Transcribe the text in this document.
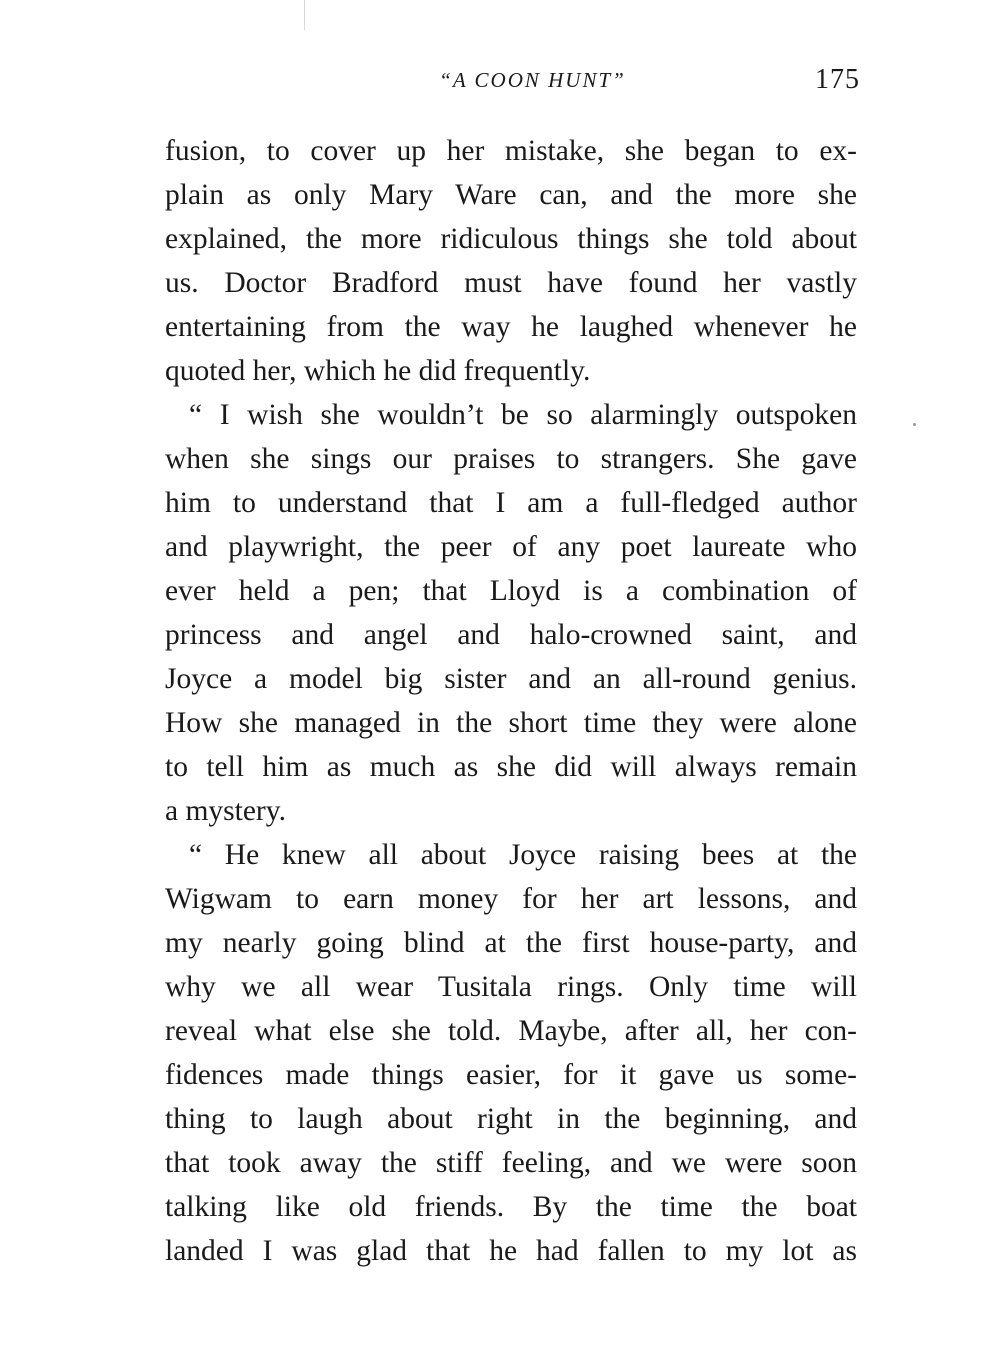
“A COON HUNT”	175
fusion, to cover up her mistake, she began to ex-
plain as only Mary Ware can, and the more she
explained, the more ridiculous things she told about
us. Doctor Bradford must have found her vastly
entertaining from the way he laughed whenever he
quoted her, which he did frequently.
“ I wish she wouldn’t be so alarmingly outspoken
when she sings our praises to strangers. She gave
him to understand that I am a full-fledged author
and playwright, the peer of any poet laureate who
ever held a pen; that Lloyd is a combination of
princess and angel and halo-crowned saint, and
Joyce a model big sister and an all-round genius.
How she managed in the short time they were alone
to tell him as much as she did will always remain
a mystery.
“ He knew all about Joyce raising bees at the
Wigwam to earn money for her art lessons, and
my nearly going blind at the first house-party, and
why we all wear Tusitala rings. Only time will
reveal what else she told. Maybe, after all, her con-
fidences made things easier, for it gave us some-
thing to laugh about right in the beginning, and
that took away the stiff feeling, and we were soon
talking like old friends. By the time the boat
landed I was glad that he had fallen to my lot as
